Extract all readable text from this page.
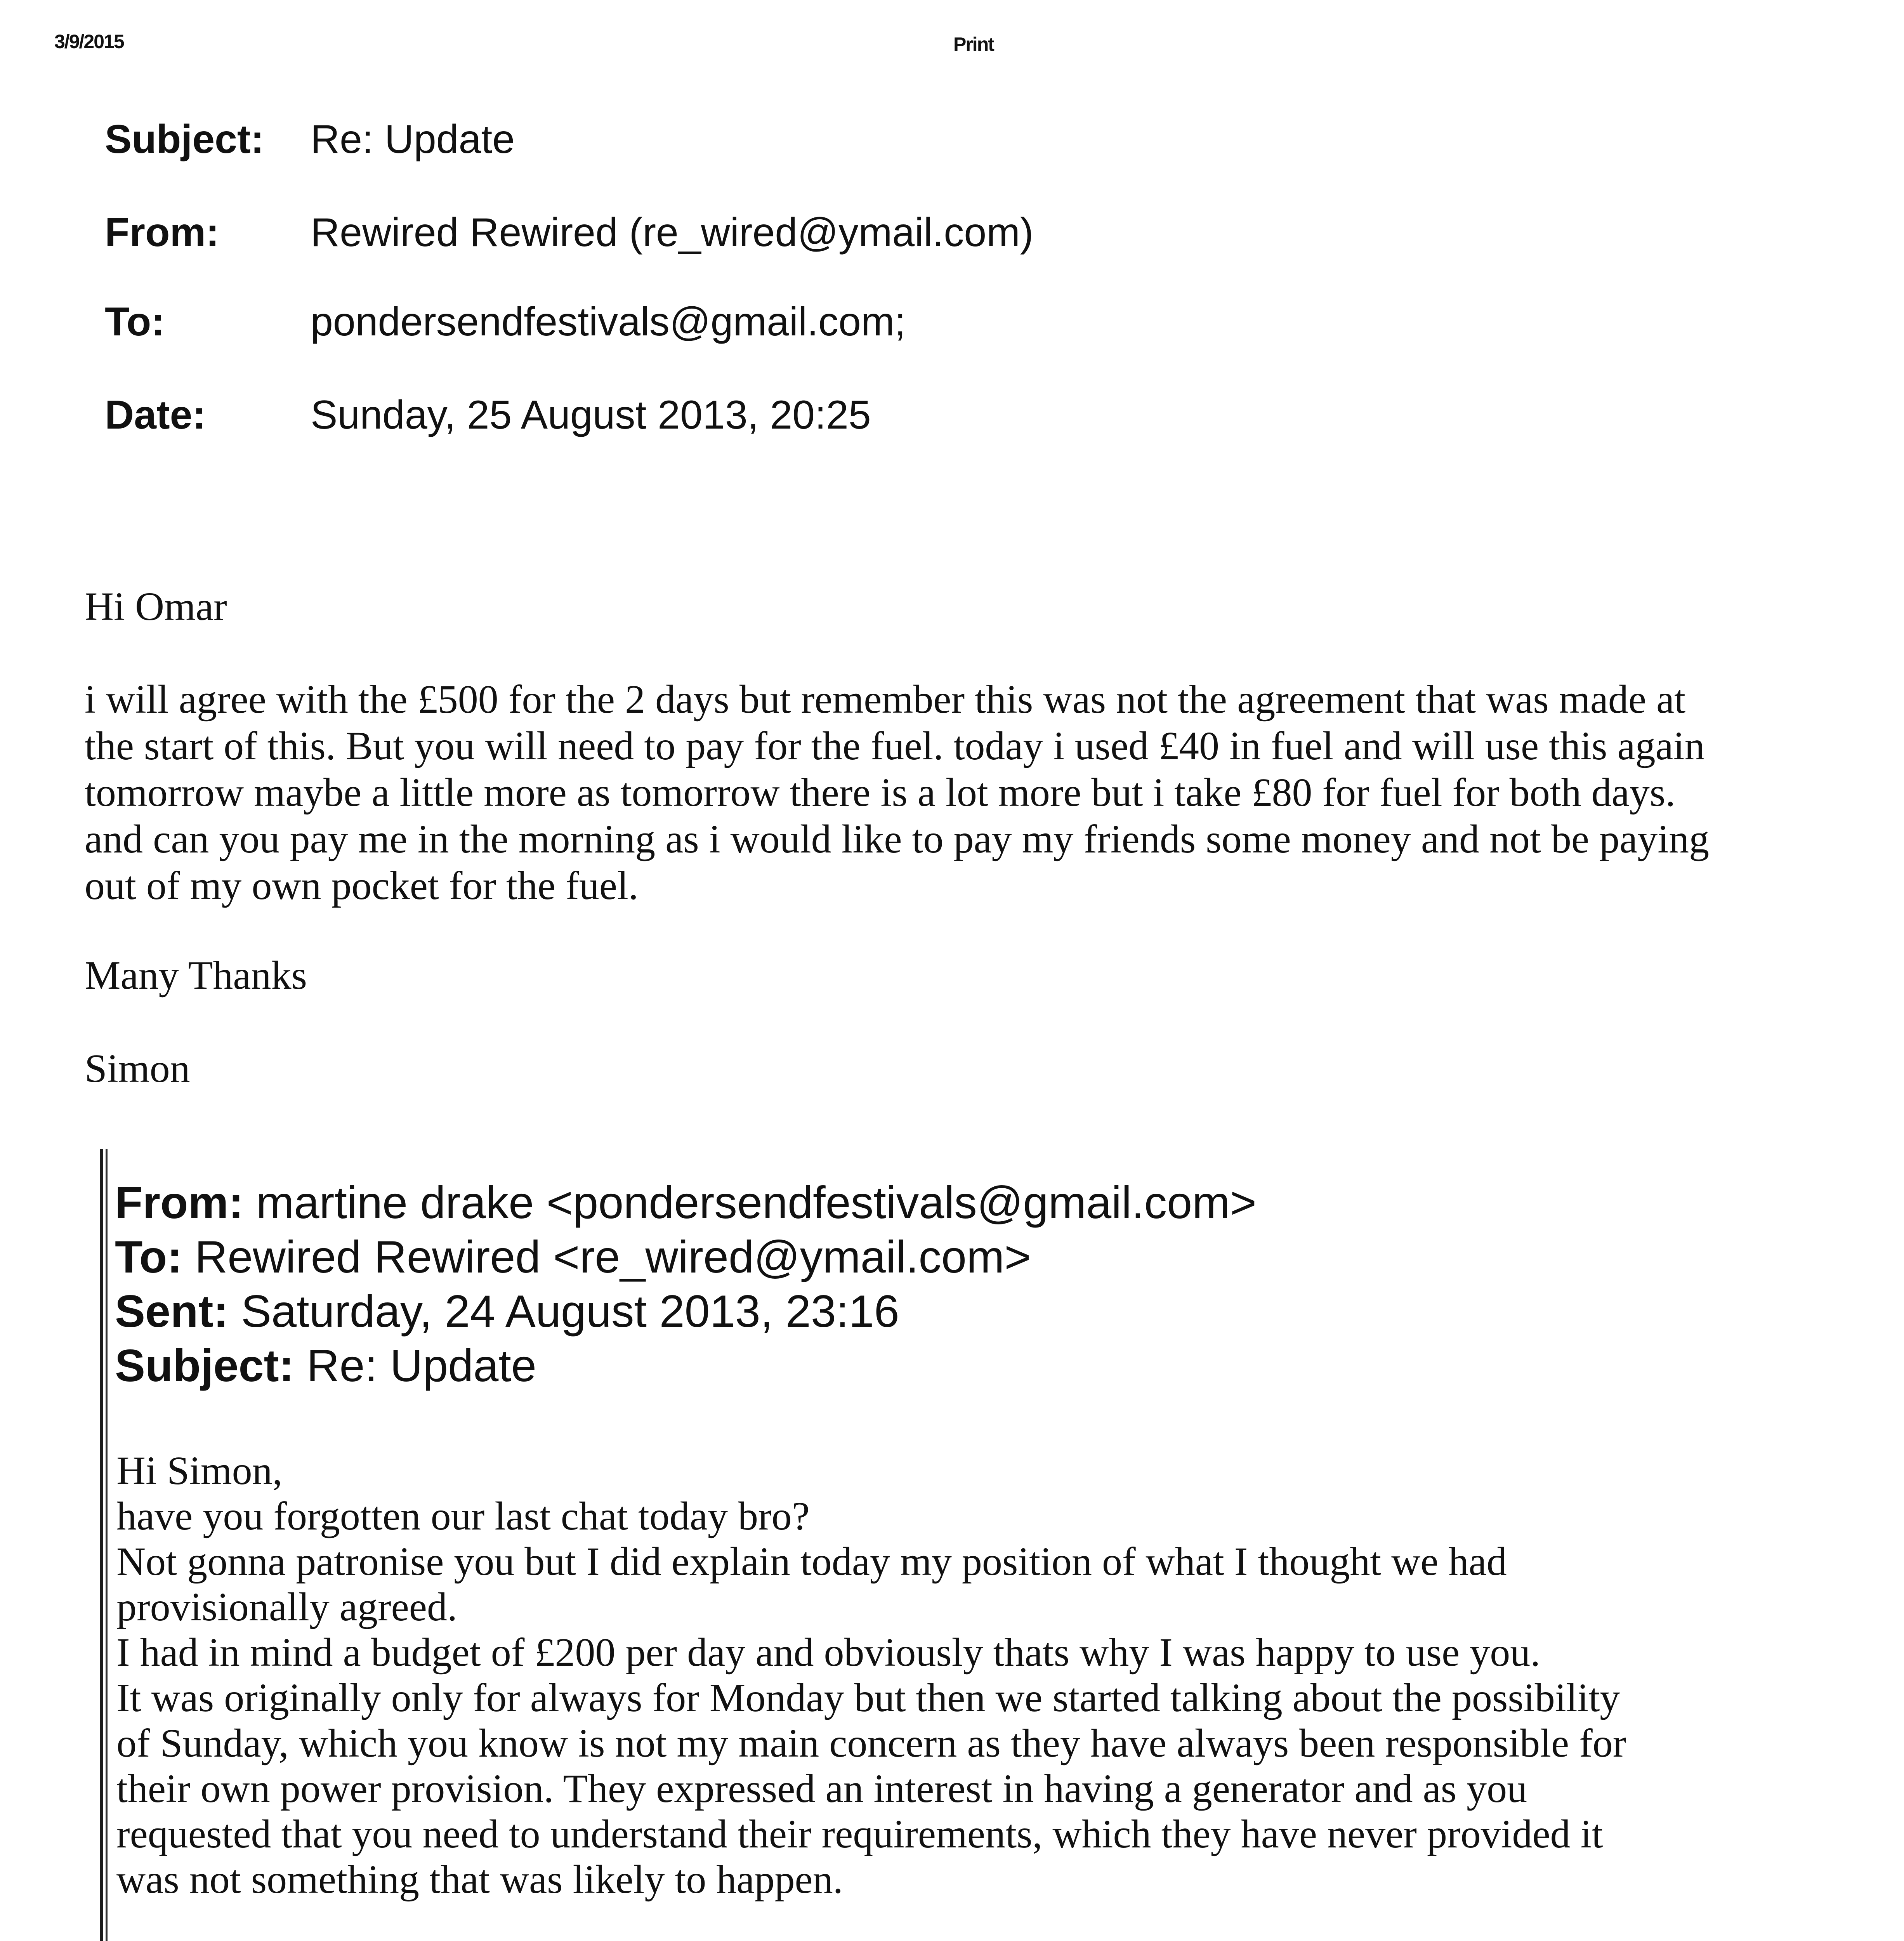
3/9/2015	Print
Subject: Re: Update
From: Rewired Rewired (re_wired@ymail.com)
To:	pondersendfestivals@gmail.com;
Date:	Sunday, 25 August 2013, 20:25
Hi Omar

i will agree with the £500 for the 2 days but remember this was not the agreement that was made at

the start of this. But you will need to pay for the fuel. today i used £40 in fuel and will use this again

tomorrow maybe a little more as tomorrow there is a lot more but i take £80 for fuel for both days.

and can you pay me in the morning as i would like to pay my friends some money and not be paying

out of my own pocket for the fuel.

Many Thanks
Simon
From: martine drake <pondersendfestivals@gmail.com>
To: Rewired Rewired <re_wired@ymail.com>
Sent: Saturday, 24 August 2013, 23:16
Subject: Re: Update
Hi Simon,
have you forgotten our last chat today bro?
Not gonna patronise you but I did explain today my position of what I thought we had
provisionally agreed.
I had in mind a budget of £200 per day and obviously thats why I was happy to use you.
It was originally only for always for Monday but then we started talking about the possibility
of Sunday, which you know is not my main concern as they have always been responsible for
their own power provision. They expressed an interest in having a generator and as you
requested that you need to understand their requirements, which they have never provided it
was not something that was likely to happen.
